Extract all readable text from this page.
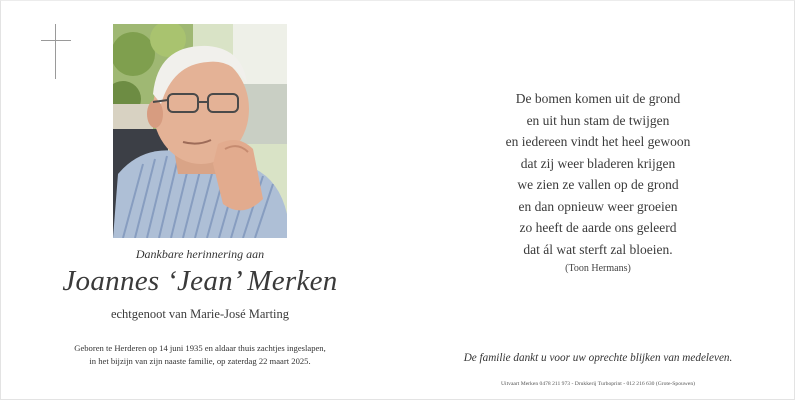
Dankbare herinnering aan
Joannes ‘Jean’ Merken
echtgenoot van Marie-José Marting
Geboren te Herderen op 14 juni 1935 en aldaar thuis zachtjes ingeslapen,
in het bijzijn van zijn naaste familie, op zaterdag 22 maart 2025.
De bomen komen uit de grond
en uit hun stam de twijgen
en iedereen vindt het heel gewoon
dat zij weer bladeren krijgen
we zien ze vallen op de grond
en dan opnieuw weer groeien
zo heeft de aarde ons geleerd
dat ál wat sterft zal bloeien.
(Toon Hermans)
De familie dankt u voor uw oprechte blijken van medeleven.
Uitvaart Merken 0478 211 973 - Drukkerij Turboprint - 012 216 630 (Grote-Spouwen)
